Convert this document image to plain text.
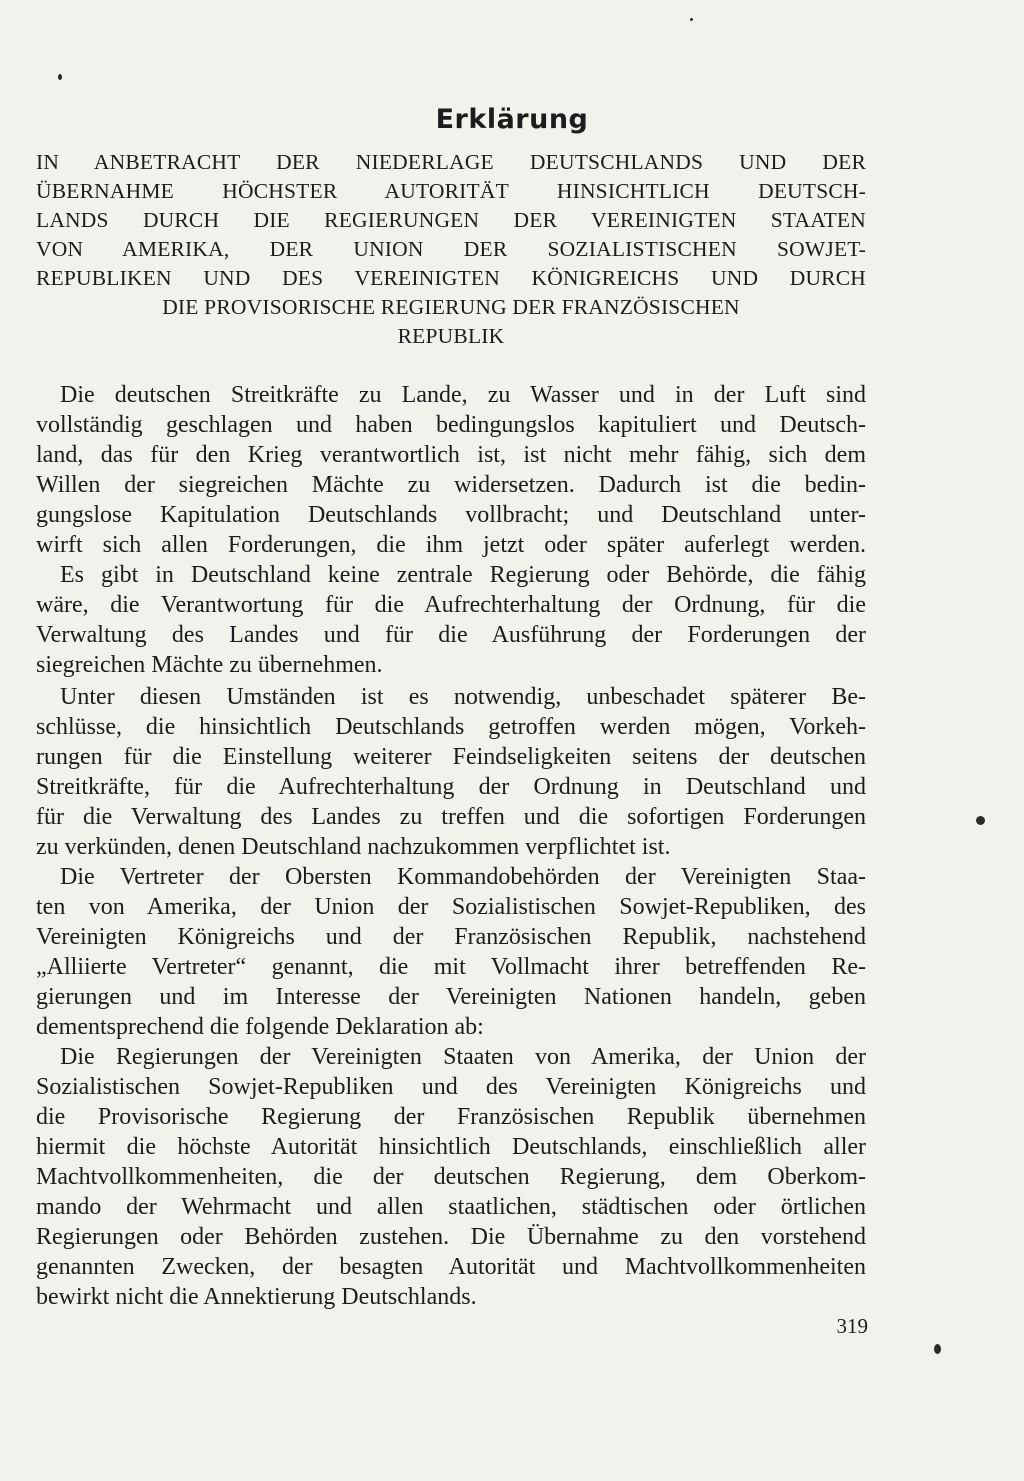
Erklärung
IN ANBETRACHT DER NIEDERLAGE DEUTSCHLANDS UND DER
ÜBERNAHME HÖCHSTER AUTORITÄT HINSICHTLICH DEUTSCH-
LANDS DURCH DIE REGIERUNGEN DER VEREINIGTEN STAATEN
VON AMERIKA, DER UNION DER SOZIALISTISCHEN SOWJET-
REPUBLIKEN UND DES VEREINIGTEN KÖNIGREICHS UND DURCH
DIE PROVISORISCHE REGIERUNG DER FRANZÖSISCHEN
REPUBLIK
Die deutschen Streitkräfte zu Lande, zu Wasser und in der Luft sind
vollständig geschlagen und haben bedingungslos kapituliert und Deutsch-
land, das für den Krieg verantwortlich ist, ist nicht mehr fähig, sich dem
Willen der siegreichen Mächte zu widersetzen. Dadurch ist die bedin-
gungslose Kapitulation Deutschlands vollbracht; und Deutschland unter-
wirft sich allen Forderungen, die ihm jetzt oder später auferlegt werden.
Es gibt in Deutschland keine zentrale Regierung oder Behörde, die fähig
wäre, die Verantwortung für die Aufrechterhaltung der Ordnung, für die
Verwaltung des Landes und für die Ausführung der Forderungen der
siegreichen Mächte zu übernehmen.
Unter diesen Umständen ist es notwendig, unbeschadet späterer Be-
schlüsse, die hinsichtlich Deutschlands getroffen werden mögen, Vorkeh-
rungen für die Einstellung weiterer Feindseligkeiten seitens der deutschen
Streitkräfte, für die Aufrechterhaltung der Ordnung in Deutschland und
für die Verwaltung des Landes zu treffen und die sofortigen Forderungen
zu verkünden, denen Deutschland nachzukommen verpflichtet ist.
Die Vertreter der Obersten Kommandobehörden der Vereinigten Staa-
ten von Amerika, der Union der Sozialistischen Sowjet-Republiken, des
Vereinigten Königreichs und der Französischen Republik, nachstehend
„Alliierte Vertreter“ genannt, die mit Vollmacht ihrer betreffenden Re-
gierungen und im Interesse der Vereinigten Nationen handeln, geben
dementsprechend die folgende Deklaration ab:
Die Regierungen der Vereinigten Staaten von Amerika, der Union der
Sozialistischen Sowjet-Republiken und des Vereinigten Königreichs und
die Provisorische Regierung der Französischen Republik übernehmen
hiermit die höchste Autorität hinsichtlich Deutschlands, einschließlich aller
Machtvollkommenheiten, die der deutschen Regierung, dem Oberkom-
mando der Wehrmacht und allen staatlichen, städtischen oder örtlichen
Regierungen oder Behörden zustehen. Die Übernahme zu den vorstehend
genannten Zwecken, der besagten Autorität und Machtvollkommenheiten
bewirkt nicht die Annektierung Deutschlands.

319
